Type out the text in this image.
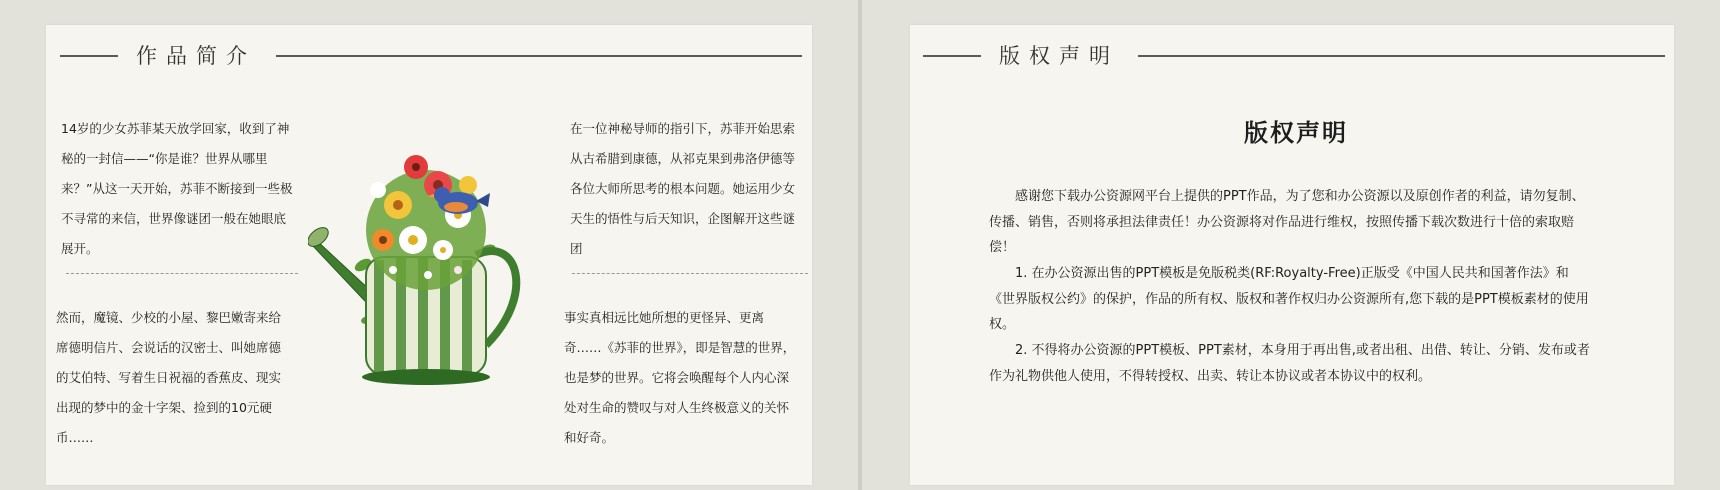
作品简介

14岁的少女苏菲某天放学回家，收到了神秘的一封信——“你是谁？世界从哪里来？”从这一天开始，苏菲不断接到一些极不寻常的来信，世界像谜团一般在她眼底展开。

然而，魔镜、少校的小屋、黎巴嫩寄来给席德明信片、会说话的汉密士、叫她席德的艾伯特、写着生日祝福的香蕉皮、现实出现的梦中的金十字架、捡到的10元硬币……

在一位神秘导师的指引下，苏菲开始思索从古希腊到康德，从祁克果到弗洛伊德等各位大师所思考的根本问题。她运用少女天生的悟性与后天知识，企图解开这些谜团

事实真相远比她所想的更怪异、更离奇……《苏菲的世界》，即是智慧的世界，也是梦的世界。它将会唤醒每个人内心深处对生命的赞叹与对人生终极意义的关怀和好奇。

版权声明
版权声明

感谢您下载办公资源网平台上提供的PPT作品，为了您和办公资源以及原创作者的利益，请勿复制、传播、销售，否则将承担法律责任！办公资源将对作品进行维权，按照传播下载次数进行十倍的索取赔偿！

1. 在办公资源出售的PPT模板是免版税类(RF:Royalty-Free)正版受《中国人民共和国著作法》和《世界版权公约》的保护，作品的所有权、版权和著作权归办公资源所有,您下载的是PPT模板素材的使用权。

2. 不得将办公资源的PPT模板、PPT素材，本身用于再出售,或者出租、出借、转让、分销、发布或者作为礼物供他人使用，不得转授权、出卖、转让本协议或者本协议中的权利。
